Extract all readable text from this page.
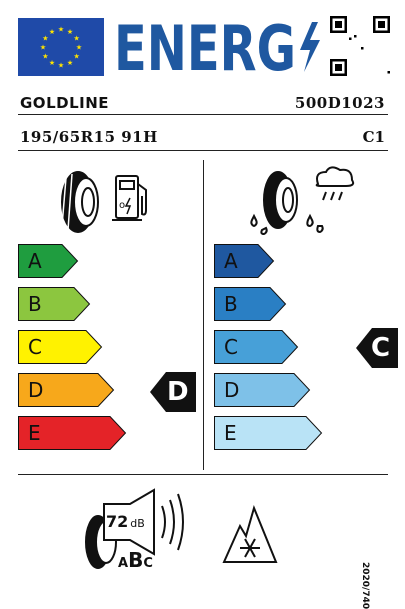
★ ★
★
★
★
★
★
★
★
★
★
★ ENERG
GOLDLINE	500D1023
195/65R15 91H	C1
o
A
B
C
D
E
A
B
C
D
E
D
C
72 dB
ABC	2020/740
